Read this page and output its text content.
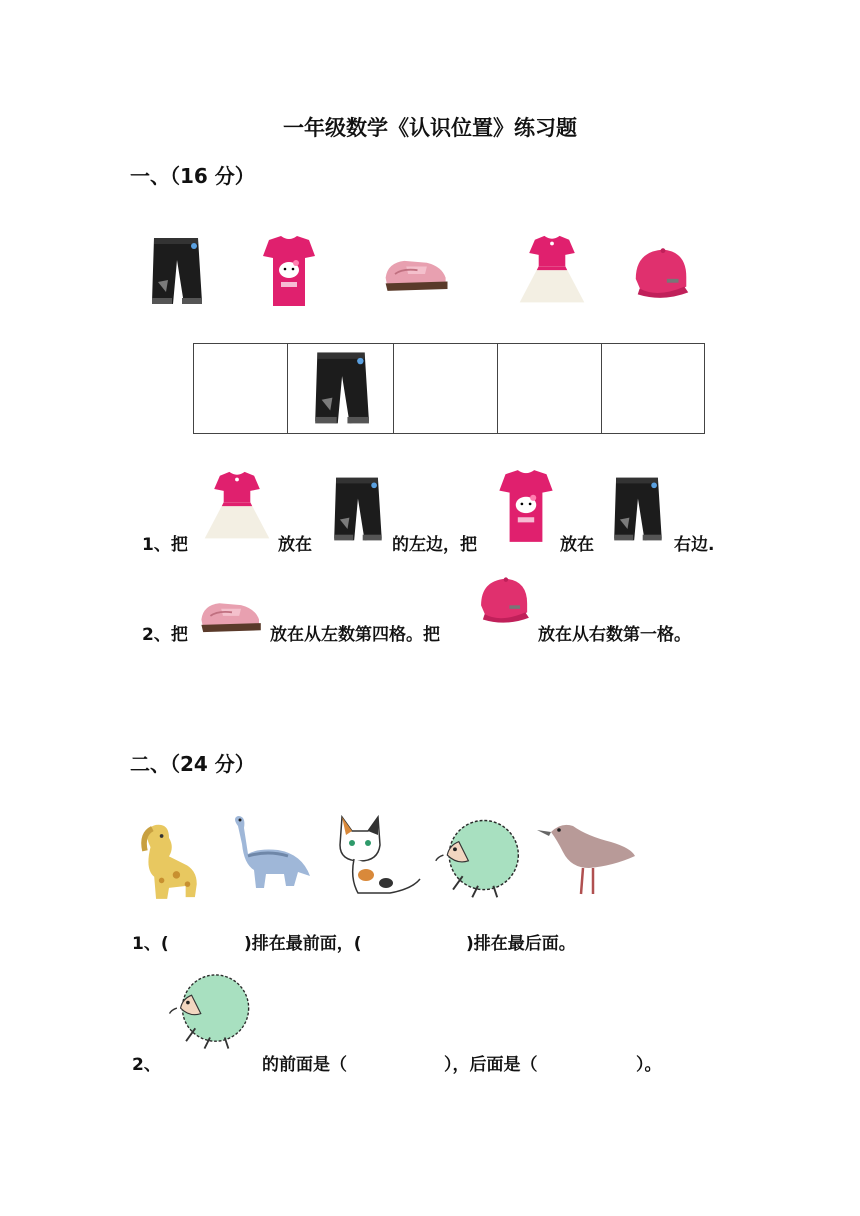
一年级数学《认识位置》练习题
一、（16 分）
1、把	放在	的左边，把	放在	右边.
2、把	放在从左数第四格。把	放在从右数第一格。
二、（24 分）
1、(	)排在最前面，(	)排在最后面。
2、	的前面是（	），后面是（	）。
